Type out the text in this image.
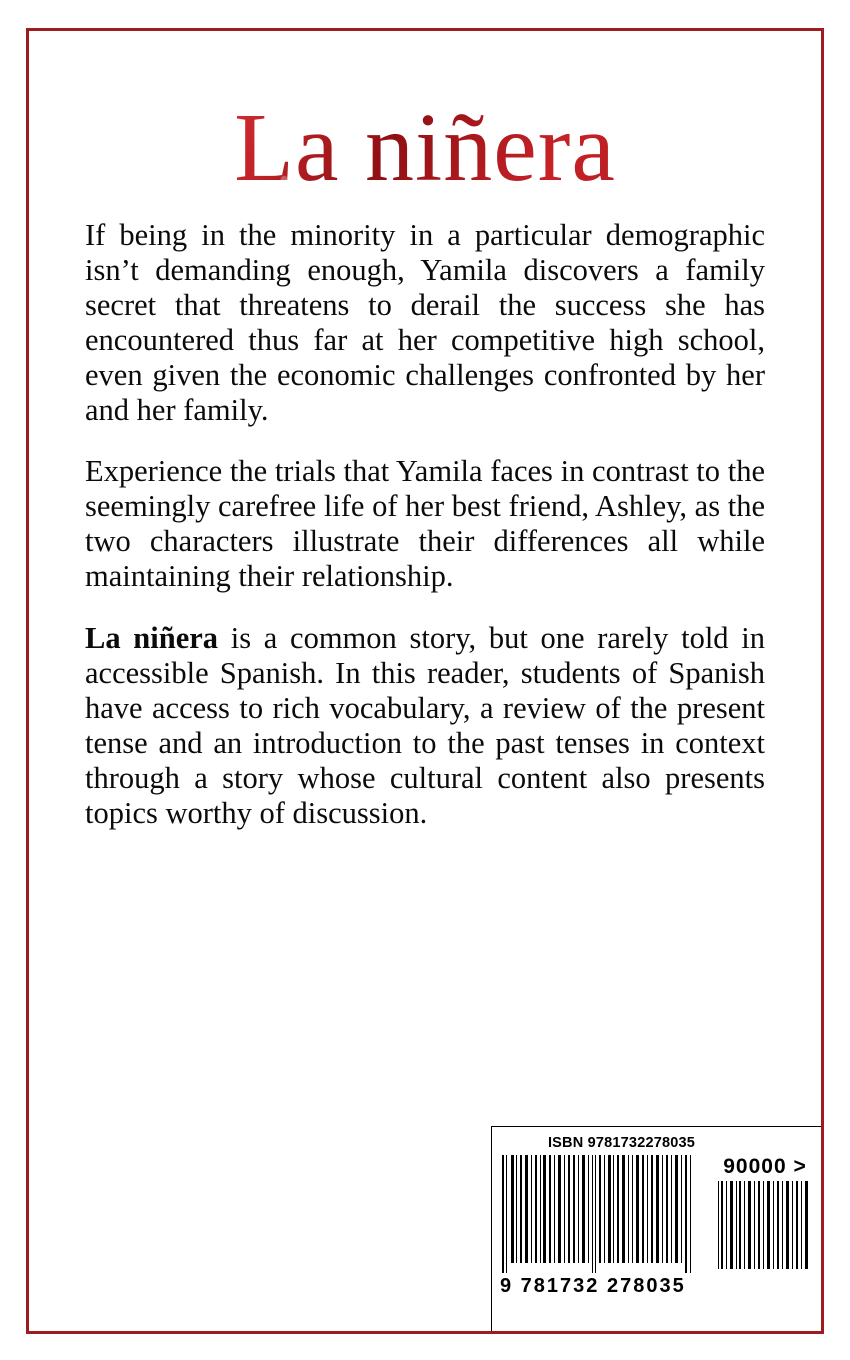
La niñera

If being in the minority in a particular demographic isn’t demanding enough, Yamila discovers a family secret that threatens to derail the success she has encountered thus far at her competitive high school, even given the economic challenges confronted by her and her family.

Experience the trials that Yamila faces in contrast to the seemingly carefree life of her best friend, Ashley, as the two characters illustrate their differences all while maintaining their relationship.

La niñera is a common story, but one rarely told in accessible Spanish. In this reader, students of Spanish have access to rich vocabulary, a review of the present tense and an introduction to the past tenses in context through a story whose cultural content also presents topics worthy of discussion.

ISBN 9781732278035
9 781732 278035
90000 >
